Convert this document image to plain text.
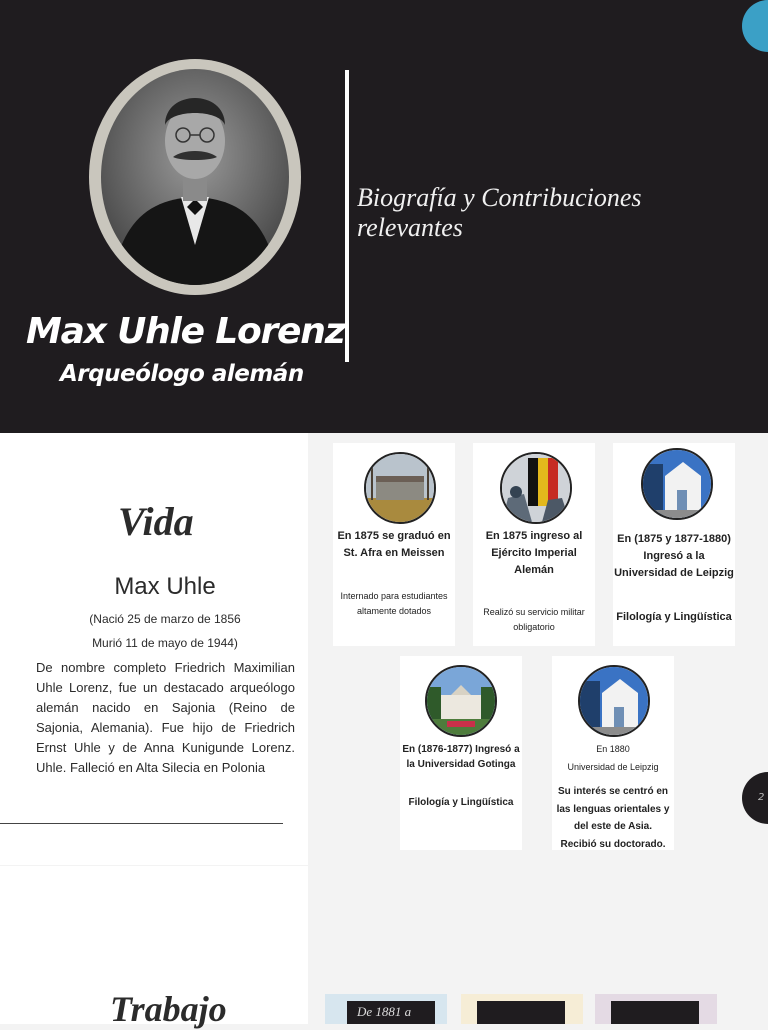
Biografía y Contribuciones
relevantes
Max Uhle Lorenz
Arqueólogo alemán
Vida
Max Uhle
(Nació 25 de marzo de 1856
Murió 11 de mayo de 1944)
De nombre completo Friedrich Maximilian Uhle Lorenz, fue un destacado arqueólogo alemán nacido en Sajonia (Reino de Sajonia, Alemania). Fue hijo de Friedrich Ernst Uhle y de Anna Kunigunde Lorenz. Uhle. Falleció en Alta Silecia en Polonia
En 1875 se graduó en St. Afra en Meissen
Internado para estudiantes altamente dotados
En 1875 ingreso al Ejército Imperial Alemán
Realizó su servicio militar obligatorio
En (1875 y 1877-1880) Ingresó a la Universidad de Leipzig
Filología y Lingüística
En (1876-1877) Ingresó a la Universidad Gotinga
Filología y Lingüística
En 1880
Universidad de Leipzig
Su interés se centró en las lenguas orientales y del este de Asia. Recibió su doctorado.
2
Trabajo	De 1881 a
